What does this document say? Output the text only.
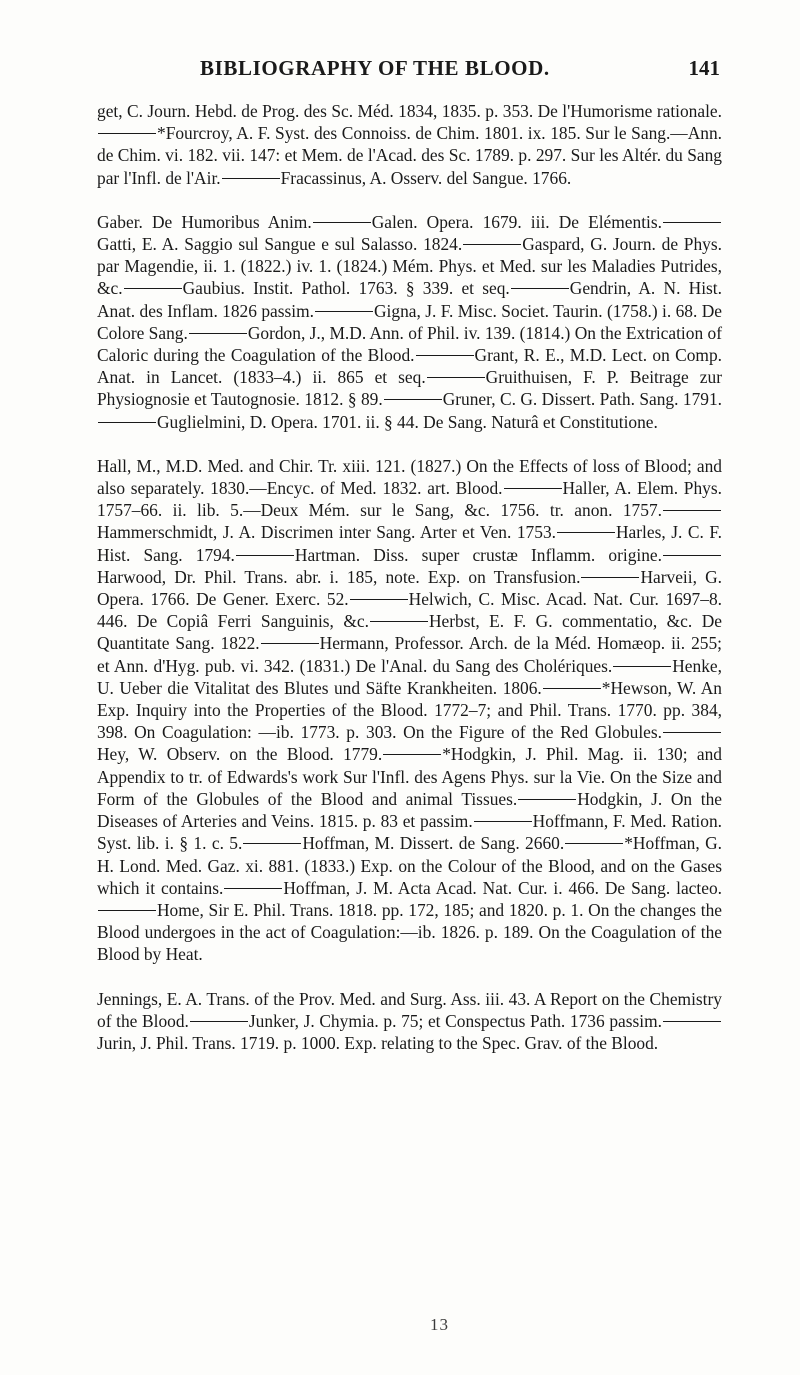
BIBLIOGRAPHY OF THE BLOOD.	141

get, C. Journ. Hebd. de Prog. des Sc. Méd. 1834, 1835. p. 353. De l'Humorisme rationale.*Fourcroy, A. F. Syst. des Connoiss. de Chim. 1801. ix. 185. Sur le Sang.—Ann. de Chim. vi. 182. vii. 147: et Mem. de l'Acad. des Sc. 1789. p. 297. Sur les Altér. du Sang par l'Infl. de l'Air.	Fracassinus, A. Osserv. del Sangue. 1766.

Gaber. De Humoribus Anim.	Galen. Opera. 1679. iii. De Elémentis.Gatti, E. A. Saggio sul Sangue e sul Salasso. 1824.	Gaspard, G. Journ. de Phys. par Magendie, ii. 1. (1822.) iv. 1. (1824.) Mém. Phys. et Med. sur les Maladies Putrides, &c.	Gaubius. Instit. Pathol. 1763. § 339. et seq.	Gendrin, A. N. Hist. Anat. des Inflam. 1826 passim.	Gigna, J. F. Misc. Societ. Taurin. (1758.) i. 68. De Colore Sang.	Gordon, J., M.D. Ann. of Phil. iv. 139. (1814.) On the Extrication of Caloric during the Coagulation of the Blood.	Grant, R. E., M.D. Lect. on Comp. Anat. in Lancet. (1833–4.) ii. 865 et seq.	Gruithuisen, F. P. Beitrage zur Physiognosie et Tautognosie. 1812. § 89.	Gruner, C. G. Dissert. Path. Sang. 1791.Guglielmini, D. Opera. 1701. ii. § 44. De Sang. Naturâ et Constitutione.

Hall, M., M.D. Med. and Chir. Tr. xiii. 121. (1827.) On the Effects of loss of Blood; and also separately. 1830.—Encyc. of Med. 1832. art. Blood.	Haller, A. Elem. Phys. 1757–66. ii. lib. 5.—Deux Mém. sur le Sang, &c. 1756. tr. anon. 1757.Hammerschmidt, J. A. Discrimen inter Sang. Arter et Ven. 1753.	Harles, J. C. F. Hist. Sang. 1794.	Hartman. Diss. super crustæ Inflamm. origine.Harwood, Dr. Phil. Trans. abr. i. 185, note. Exp. on Transfusion.	Harveii, G. Opera. 1766. De Gener. Exerc. 52.	Helwich, C. Misc. Acad. Nat. Cur. 1697–8. 446. De Copiâ Ferri Sanguinis, &c.	Herbst, E. F. G. commentatio, &c. De Quantitate Sang. 1822.	Hermann, Professor. Arch. de la Méd. Homæop. ii. 255; et Ann. d'Hyg. pub. vi. 342. (1831.) De l'Anal. du Sang des Cholériques.	Henke, U. Ueber die Vitalitat des Blutes und Säfte Krankheiten. 1806.	*Hewson, W. An Exp. Inquiry into the Properties of the Blood. 1772–7; and Phil. Trans. 1770. pp. 384, 398. On Coagulation: —ib. 1773. p. 303. On the Figure of the Red Globules.Hey, W. Observ. on the Blood. 1779.	*Hodgkin, J. Phil. Mag. ii. 130; and Appendix to tr. of Edwards's work Sur l'Infl. des Agens Phys. sur la Vie. On the Size and Form of the Globules of the Blood and animal Tissues.	Hodgkin, J. On the Diseases of Arteries and Veins. 1815. p. 83 et passim.	Hoffmann, F. Med. Ration. Syst. lib. i. § 1. c. 5.	Hoffman, M. Dissert. de Sang. 2660.	*Hoffman, G. H. Lond. Med. Gaz. xi. 881. (1833.) Exp. on the Colour of the Blood, and on the Gases which it contains.	Hoffman, J. M. Acta Acad. Nat. Cur. i. 466. De Sang. lacteo.Home, Sir E. Phil. Trans. 1818. pp. 172, 185; and 1820. p. 1. On the changes the Blood undergoes in the act of Coagulation:—ib. 1826. p. 189. On the Coagulation of the Blood by Heat.

Jennings, E. A. Trans. of the Prov. Med. and Surg. Ass. iii. 43. A Report on the Chemistry of the Blood.	Junker, J. Chymia. p. 75; et Conspectus Path. 1736 passim.Jurin, J. Phil. Trans. 1719. p. 1000. Exp. relating to the Spec. Grav. of the Blood.

13
